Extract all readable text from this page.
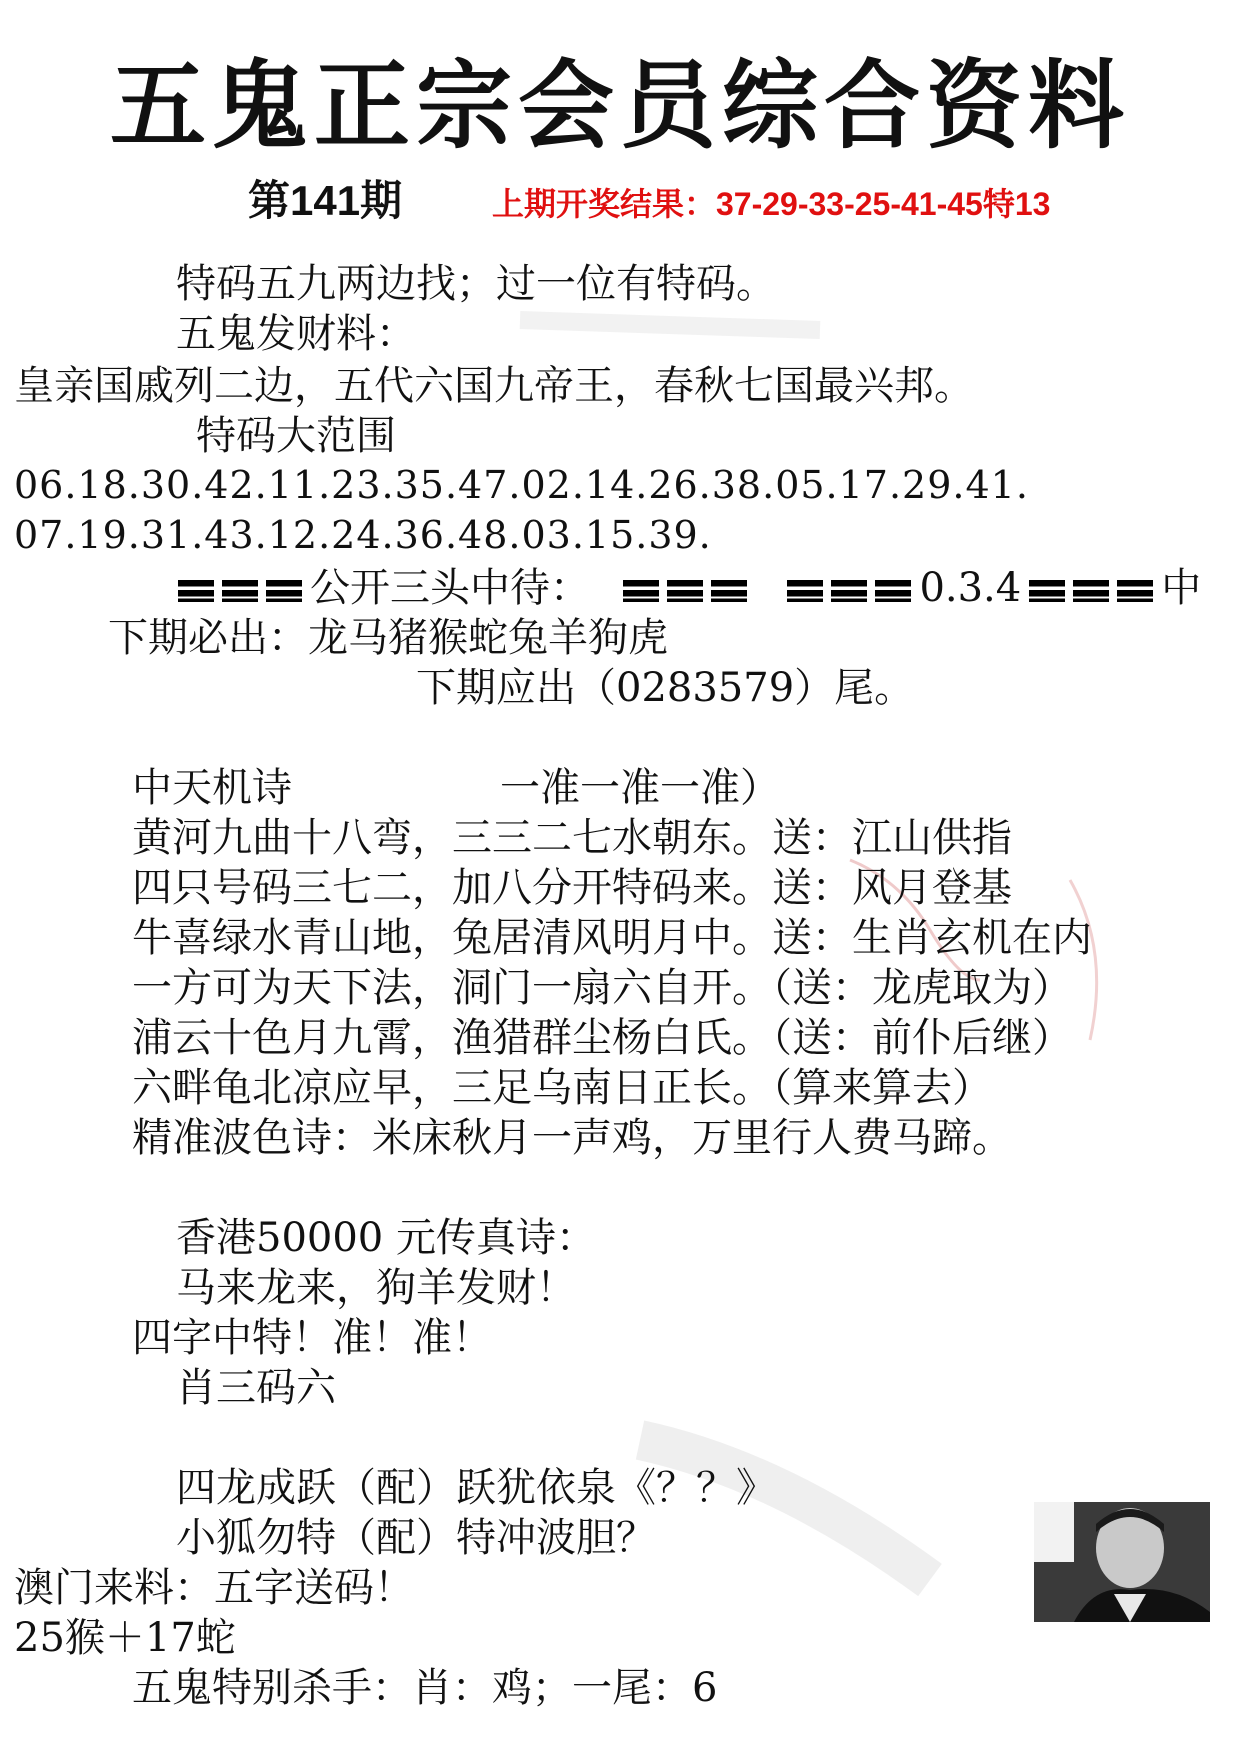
五鬼正宗会员综合资料
第141期	上期开奖结果：37-29-33-25-41-45特13
特码五九两边找；过一位有特码。
五鬼发财料：
皇亲国戚列二边，五代六国九帝王，春秋七国最兴邦。
特码大范围
06.18.30.42.11.23.35.47.02.14.26.38.05.17.29.41.
07.19.31.43.12.24.36.48.03.15.39.
公开三头中待：	0.3.4	中
下期必出：龙马猪猴蛇兔羊狗虎
下期应出（0283579）尾。
中天机诗	一准一准一准）
黄河九曲十八弯，三三二七水朝东。送：江山供指
四只号码三七二，加八分开特码来。送：风月登基
牛喜绿水青山地，兔居清风明月中。送：生肖玄机在内
一方可为天下法，洞门一扇六自开。（送：龙虎取为）
浦云十色月九霄，渔猎群尘杨白氏。（送：前仆后继）
六畔龟北凉应早，三足乌南日正长。（算来算去）
精准波色诗：米床秋月一声鸡，万里行人费马蹄。
香港50000 元传真诗：
马来龙来，狗羊发财！
四字中特！准！准！
肖三码六
四龙成跃（配）跃犹依泉《？？》
小狐勿特（配）特冲波胆？
澳门来料：五字送码！
25猴＋17蛇
五鬼特别杀手：肖：鸡；一尾：6
